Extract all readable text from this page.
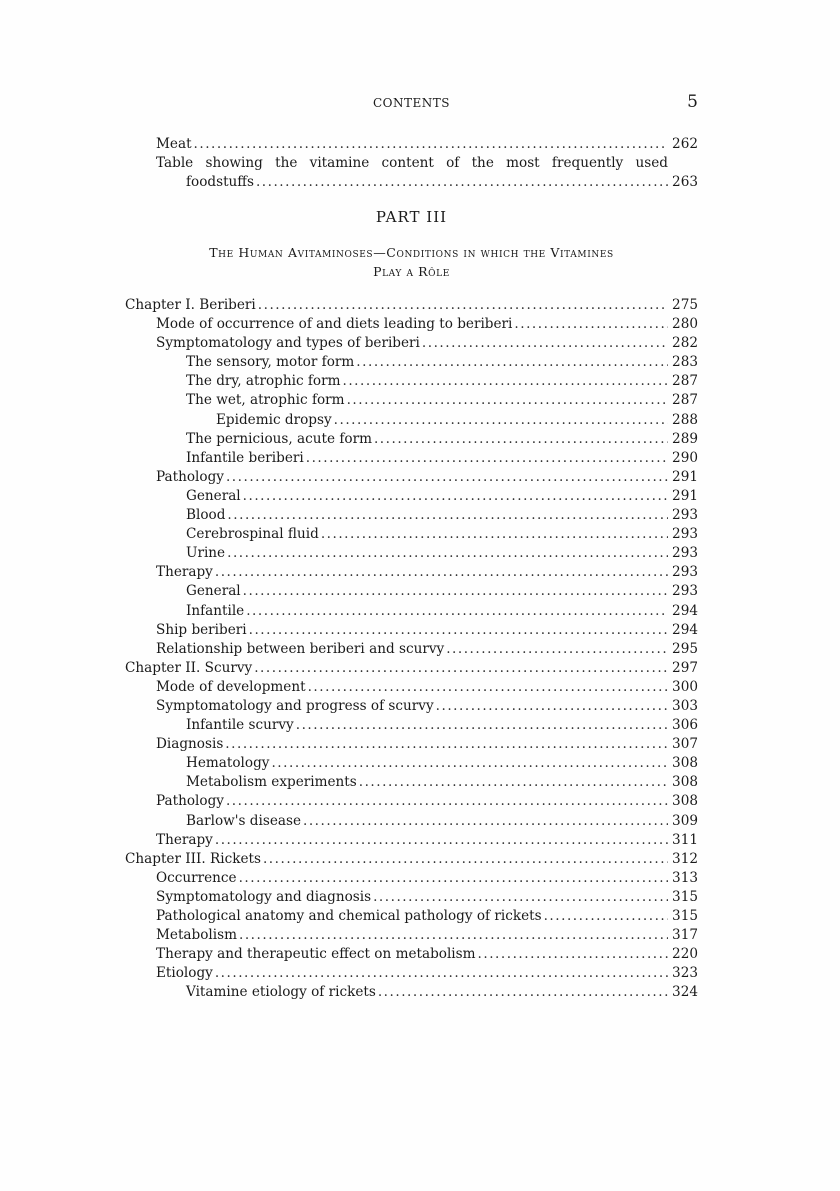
CONTENTS	5
Meat . . .	262
Table showing the vitamine content of the most frequently used
foodstuffs . . .	263
PART III
The Human Avitaminoses—Conditions in which the Vitamines
Play a Rôle
Chapter I. Beriberi . . .	275
Mode of occurrence of and diets leading to beriberi . . .	280
Symptomatology and types of beriberi . . .	282
The sensory, motor form . . .	283
The dry, atrophic form . . .	287
The wet, atrophic form . . .	287
Epidemic dropsy . . .	288
The pernicious, acute form . . .	289
Infantile beriberi . . .	290
Pathology . . .	291
General . . .	291
Blood . . .	293
Cerebrospinal fluid . . .	293
Urine . . .	293
Therapy . . .	293
General . . .	293
Infantile . . .	294
Ship beriberi . . .	294
Relationship between beriberi and scurvy . . .	295
Chapter II. Scurvy . . .	297
Mode of development . . .	300
Symptomatology and progress of scurvy . . .	303
Infantile scurvy . . .	306
Diagnosis . . .	307
Hematology . . .	308
Metabolism experiments . . .	308
Pathology . . .	308
Barlow's disease . . .	309
Therapy . . .	311
Chapter III. Rickets . . .	312
Occurrence . . .	313
Symptomatology and diagnosis . . .	315
Pathological anatomy and chemical pathology of rickets . . .	315
Metabolism . . .	317
Therapy and therapeutic effect on metabolism . . .	220
Etiology . . .	323
Vitamine etiology of rickets . . .	324
